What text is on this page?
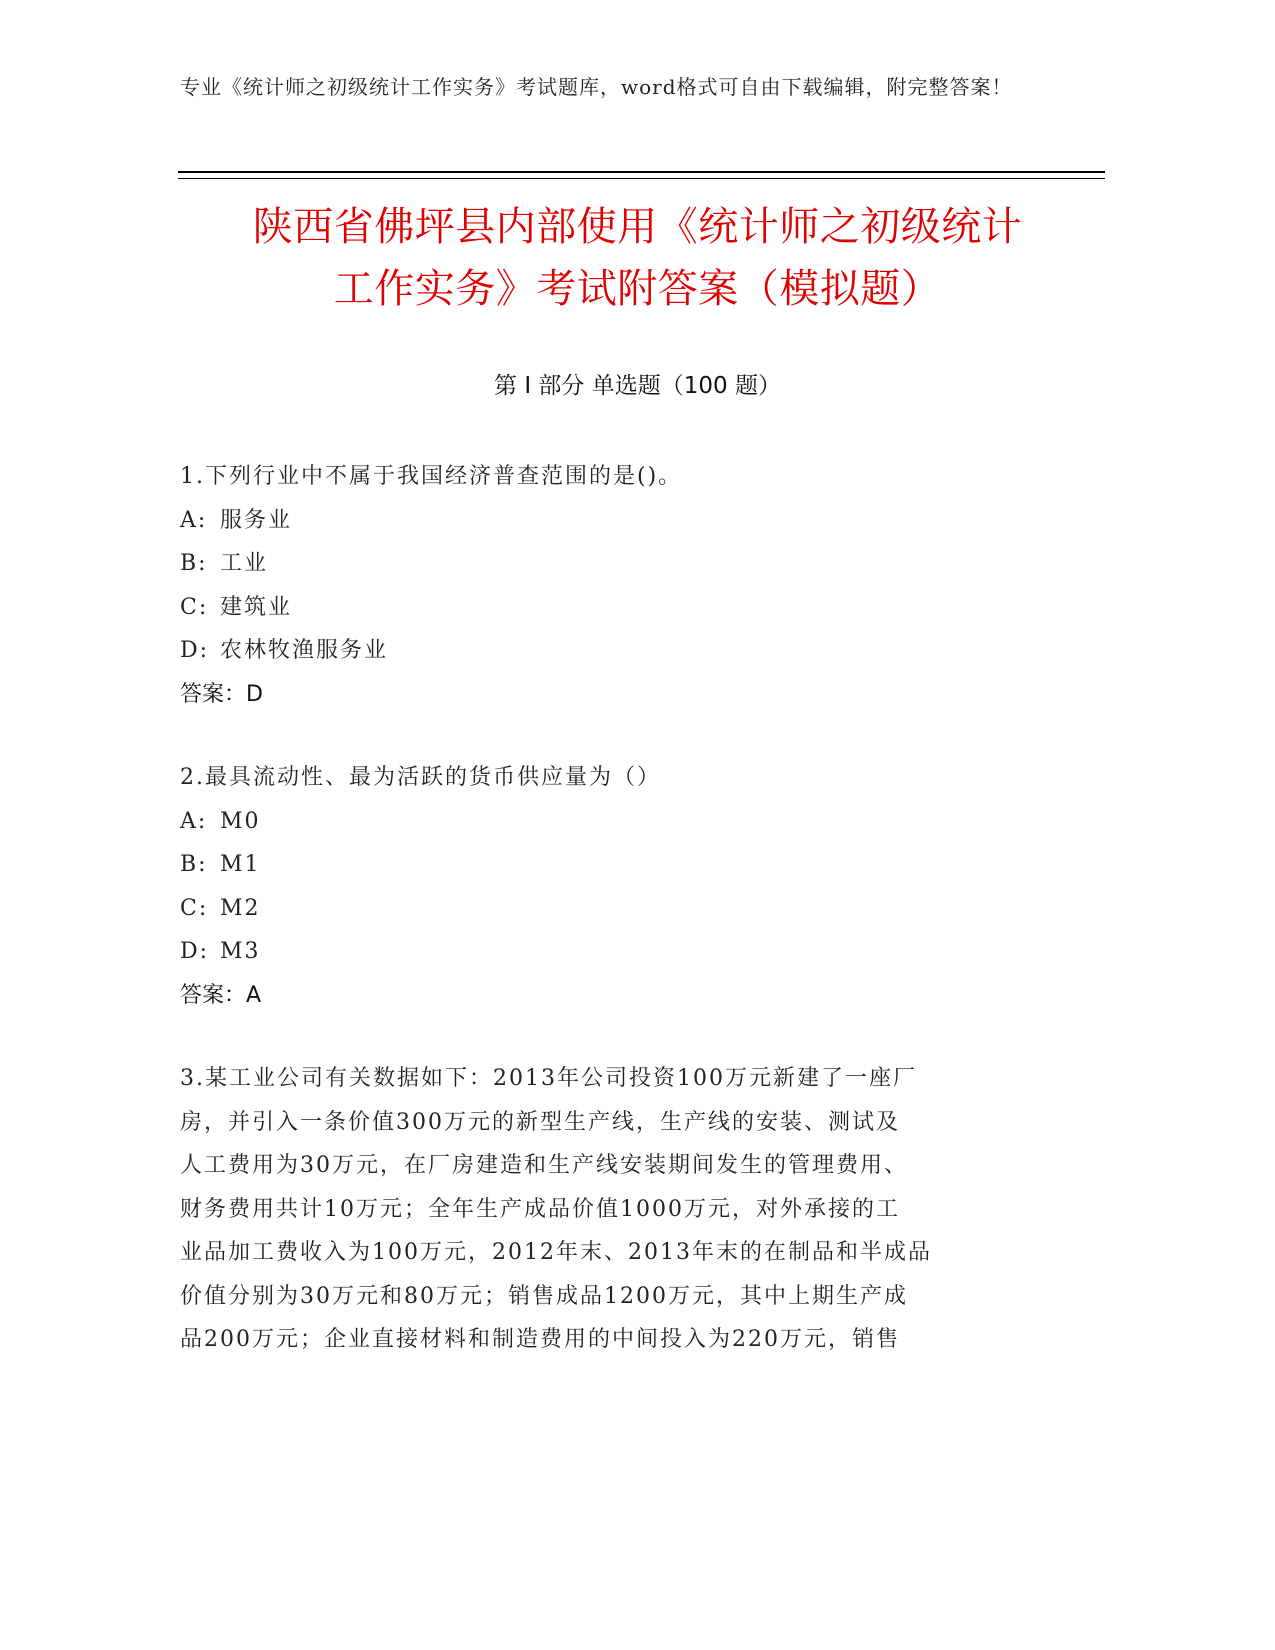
专业《统计师之初级统计工作实务》考试题库，word格式可自由下载编辑，附完整答案！
陕西省佛坪县内部使用《统计师之初级统计
工作实务》考试附答案（模拟题）
第 I 部分 单选题（100 题）

1.下列行业中不属于我国经济普查范围的是()。

A: 服务业

B: 工业

C: 建筑业

D: 农林牧渔服务业

答案：D

2.最具流动性、最为活跃的货币供应量为（）

A: M0

B: M1

C: M2

D: M3

答案：A

3.某工业公司有关数据如下：2013年公司投资100万元新建了一座厂

房，并引入一条价值300万元的新型生产线，生产线的安装、测试及

人工费用为30万元，在厂房建造和生产线安装期间发生的管理费用、

财务费用共计10万元；全年生产成品价值1000万元，对外承接的工

业品加工费收入为100万元，2012年末、2013年末的在制品和半成品

价值分别为30万元和80万元；销售成品1200万元，其中上期生产成

品200万元；企业直接材料和制造费用的中间投入为220万元，销售
